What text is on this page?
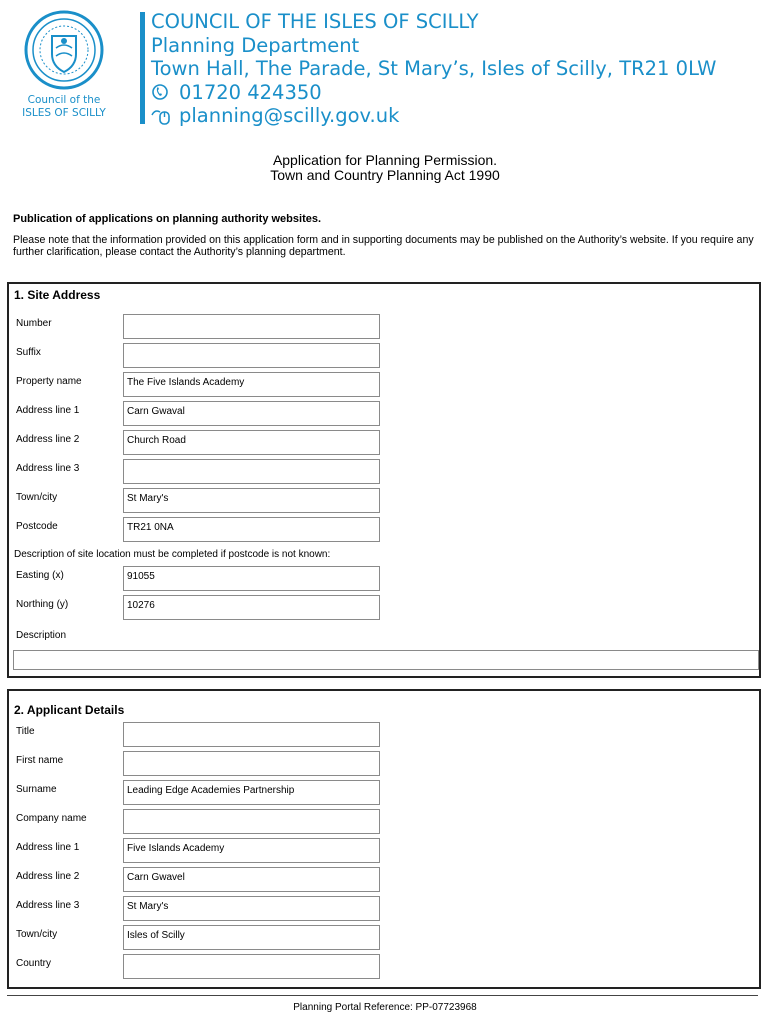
Council of the
ISLES OF SCILLY
COUNCIL OF THE ISLES OF SCILLY
Planning Department
Town Hall, The Parade, St Mary’s, Isles of Scilly, TR21 0LW
01720 424350
planning@scilly.gov.uk
Application for Planning Permission.
Town and Country Planning Act 1990
Publication of applications on planning authority websites.
Please note that the information provided on this application form and in supporting documents may be published on the Authority’s website. If you require any further clarification, please contact the Authority’s planning department.
1. Site Address
Number
Suffix
Property name	The Five Islands Academy
Address line 1	Carn Gwaval
Address line 2	Church Road
Address line 3
Town/city	St Mary's
Postcode	TR21 0NA
Description of site location must be completed if postcode is not known:
Easting (x)	91055
Northing (y)	10276
Description
2. Applicant Details
Title
First name
Surname	Leading Edge Academies Partnership
Company name
Address line 1	Five Islands Academy
Address line 2	Carn Gwavel
Address line 3	St Mary's
Town/city	Isles of Scilly
Country
Planning Portal Reference: PP-07723968
